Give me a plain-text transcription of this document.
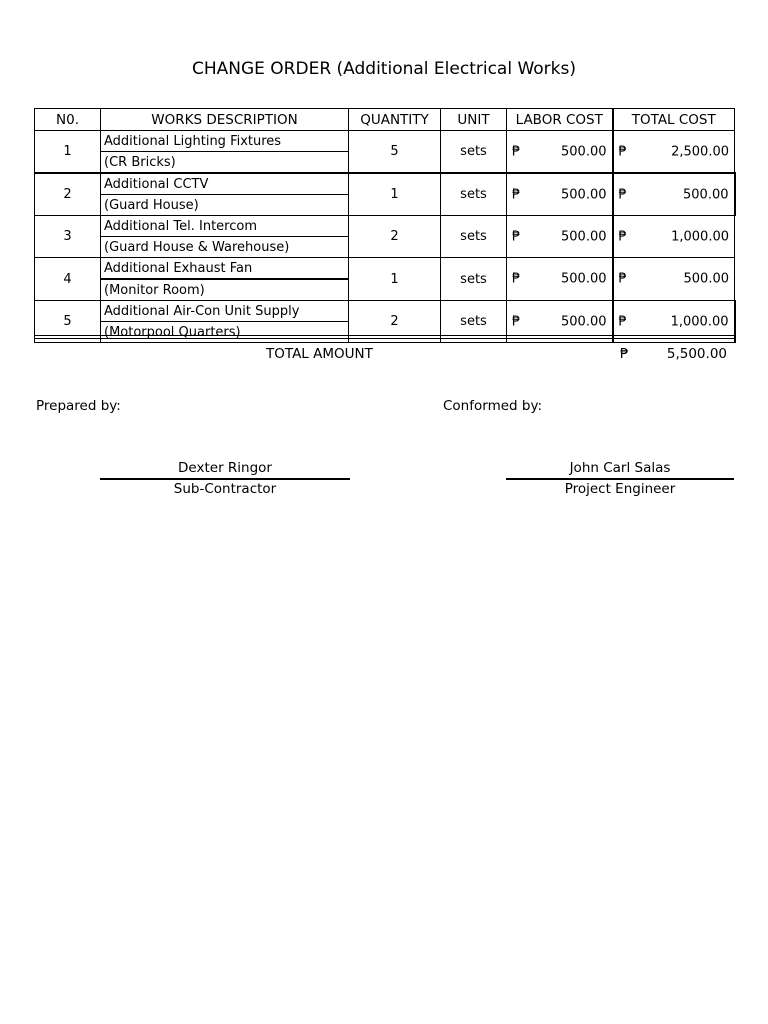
CHANGE ORDER (Additional Electrical Works)
N0.	WORKS DESCRIPTION	QUANTITY	UNIT	LABOR COST	TOTAL COST
1	Additional Lighting Fixtures	5	sets	₱ 500.00	₱ 2,500.00

	(CR Bricks)				
2	Additional CCTV	1	sets	₱ 500.00	₱ 500.00

	(Guard House)				
3	Additional Tel. Intercom	2	sets	₱ 500.00	₱ 1,000.00

	(Guard House & Warehouse)				
4	Additional Exhaust Fan	1	sets	₱ 500.00	₱ 500.00

	(Monitor Room)				
5	Additional Air-Con Unit Supply	2	sets	₱ 500.00	₱ 1,000.00

	(Motorpool Quarters)				
TOTAL AMOUNT	₱	5,500.00
Prepared by:	Conformed by:
Dexter Ringor
Sub-Contractor
John Carl Salas
Project Engineer
